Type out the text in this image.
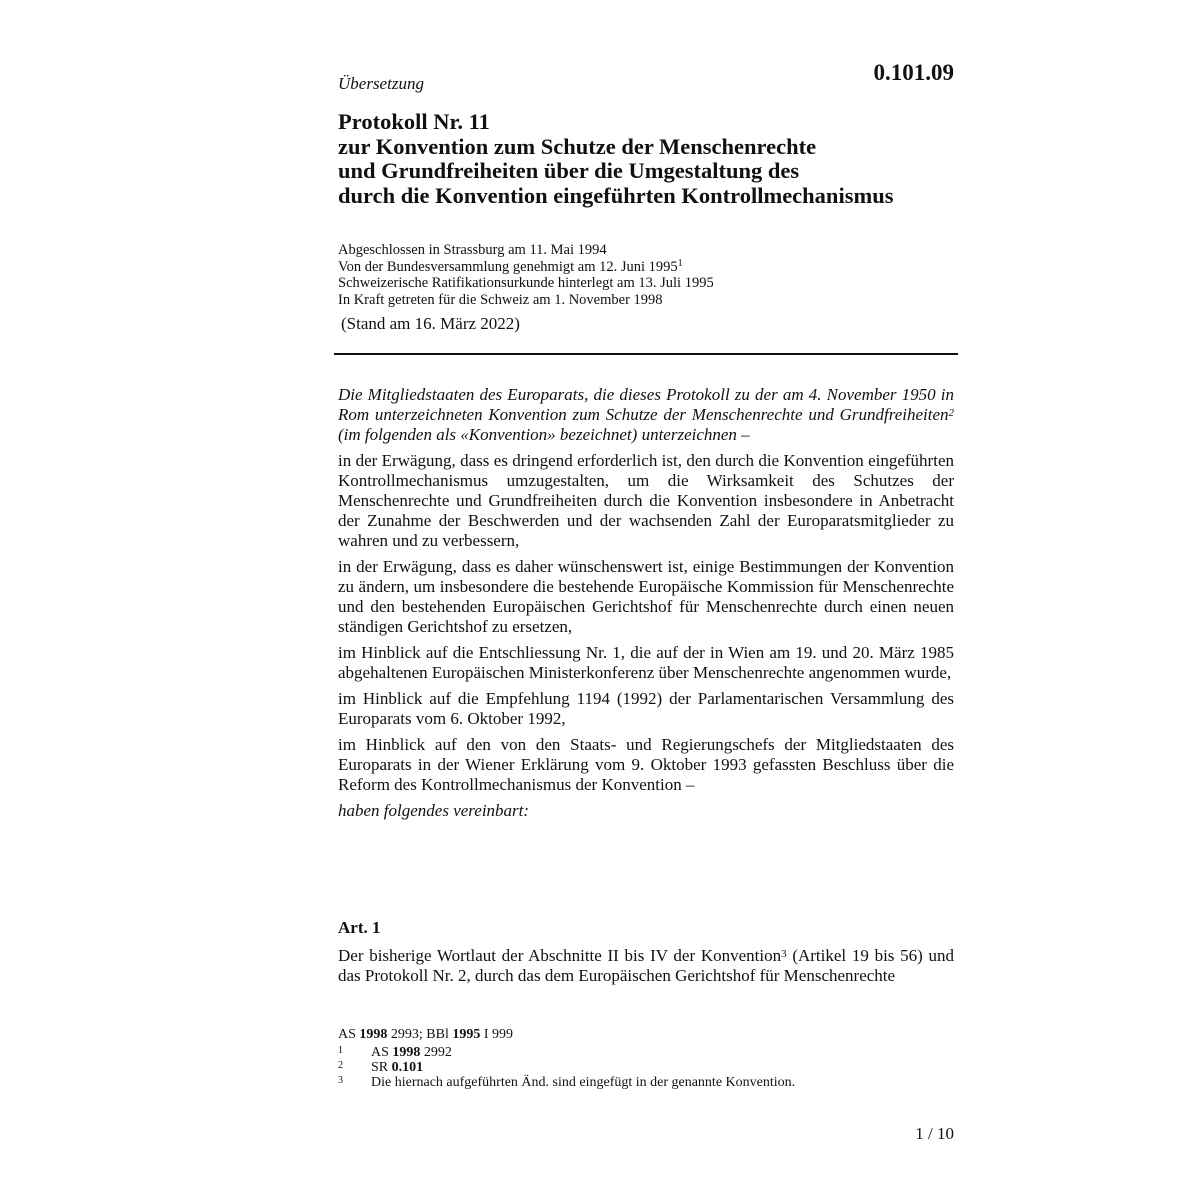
Übersetzung	0.101.09
Protokoll Nr. 11
zur Konvention zum Schutze der Menschenrechte
und Grundfreiheiten über die Umgestaltung des
durch die Konvention eingeführten Kontrollmechanismus
Abgeschlossen in Strassburg am 11. Mai 1994
Von der Bundesversammlung genehmigt am 12. Juni 1995$^1$
Schweizerische Ratifikationsurkunde hinterlegt am 13. Juli 1995
In Kraft getreten für die Schweiz am 1. November 1998
(Stand am 16. März 2022)

Die Mitgliedstaaten des Europarats, die dieses Protokoll zu der am 4. November 1950 in Rom unterzeichneten Konvention zum Schutze der Menschenrechte und Grundfreiheiten$^2$ (im folgenden als «Konvention» bezeichnet) unterzeichnen –

in der Erwägung, dass es dringend erforderlich ist, den durch die Konvention eingeführten Kontrollmechanismus umzugestalten, um die Wirksamkeit des Schutzes der Menschenrechte und Grundfreiheiten durch die Konvention insbesondere in Anbetracht der Zunahme der Beschwerden und der wachsenden Zahl der Europaratsmitglieder zu wahren und zu verbessern,

in der Erwägung, dass es daher wünschenswert ist, einige Bestimmungen der Konvention zu ändern, um insbesondere die bestehende Europäische Kommission für Menschenrechte und den bestehenden Europäischen Gerichtshof für Menschenrechte durch einen neuen ständigen Gerichtshof zu ersetzen,

im Hinblick auf die Entschliessung Nr. 1, die auf der in Wien am 19. und 20. März 1985 abgehaltenen Europäischen Ministerkonferenz über Menschenrechte angenommen wurde,

im Hinblick auf die Empfehlung 1194 (1992) der Parlamentarischen Versammlung des Europarats vom 6. Oktober 1992,

im Hinblick auf den von den Staats- und Regierungschefs der Mitgliedstaaten des Europarats in der Wiener Erklärung vom 9. Oktober 1993 gefassten Beschluss über die Reform des Kontrollmechanismus der Konvention –

haben folgendes vereinbart:

Art. 1

Der bisherige Wortlaut der Abschnitte II bis IV der Konvention$^3$ (Artikel 19 bis 56) und das Protokoll Nr. 2, durch das dem Europäischen Gerichtshof für Menschenrechte

AS 1998 2993; BBl 1995 I 999
1	AS 1998 2992
2	SR 0.101
3	Die hiernach aufgeführten Änd. sind eingefügt in der genannte Konvention.
1 / 10
